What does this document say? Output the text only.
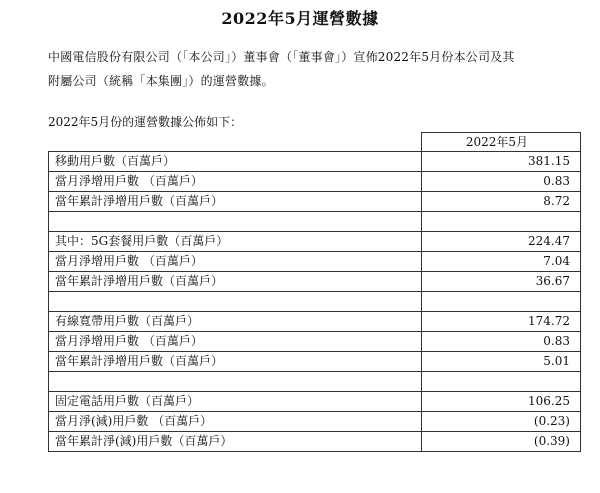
2022年5月運營數據
中國電信股份有限公司（「本公司」）董事會（「董事會」）宣佈2022年5月份本公司及其
附屬公司（統稱「本集團」）的運營數據。
2022年5月份的運營數據公佈如下：
	2022年5月
移動用戶數（百萬戶）	381.15
當月淨增用戶數 （百萬戶）	0.83
當年累計淨增用戶數（百萬戶）	8.72

其中：5G套餐用戶數（百萬戶）	224.47
當月淨增用戶數 （百萬戶）	7.04
當年累計淨增用戶數（百萬戶）	36.67

有線寬帶用戶數（百萬戶）	174.72
當月淨增用戶數 （百萬戶）	0.83
當年累計淨增用戶數（百萬戶）	5.01

固定電話用戶數（百萬戶）	106.25
當月淨(減)用戶數 （百萬戶）	(0.23)
當年累計淨(減)用戶數（百萬戶）	(0.39)
